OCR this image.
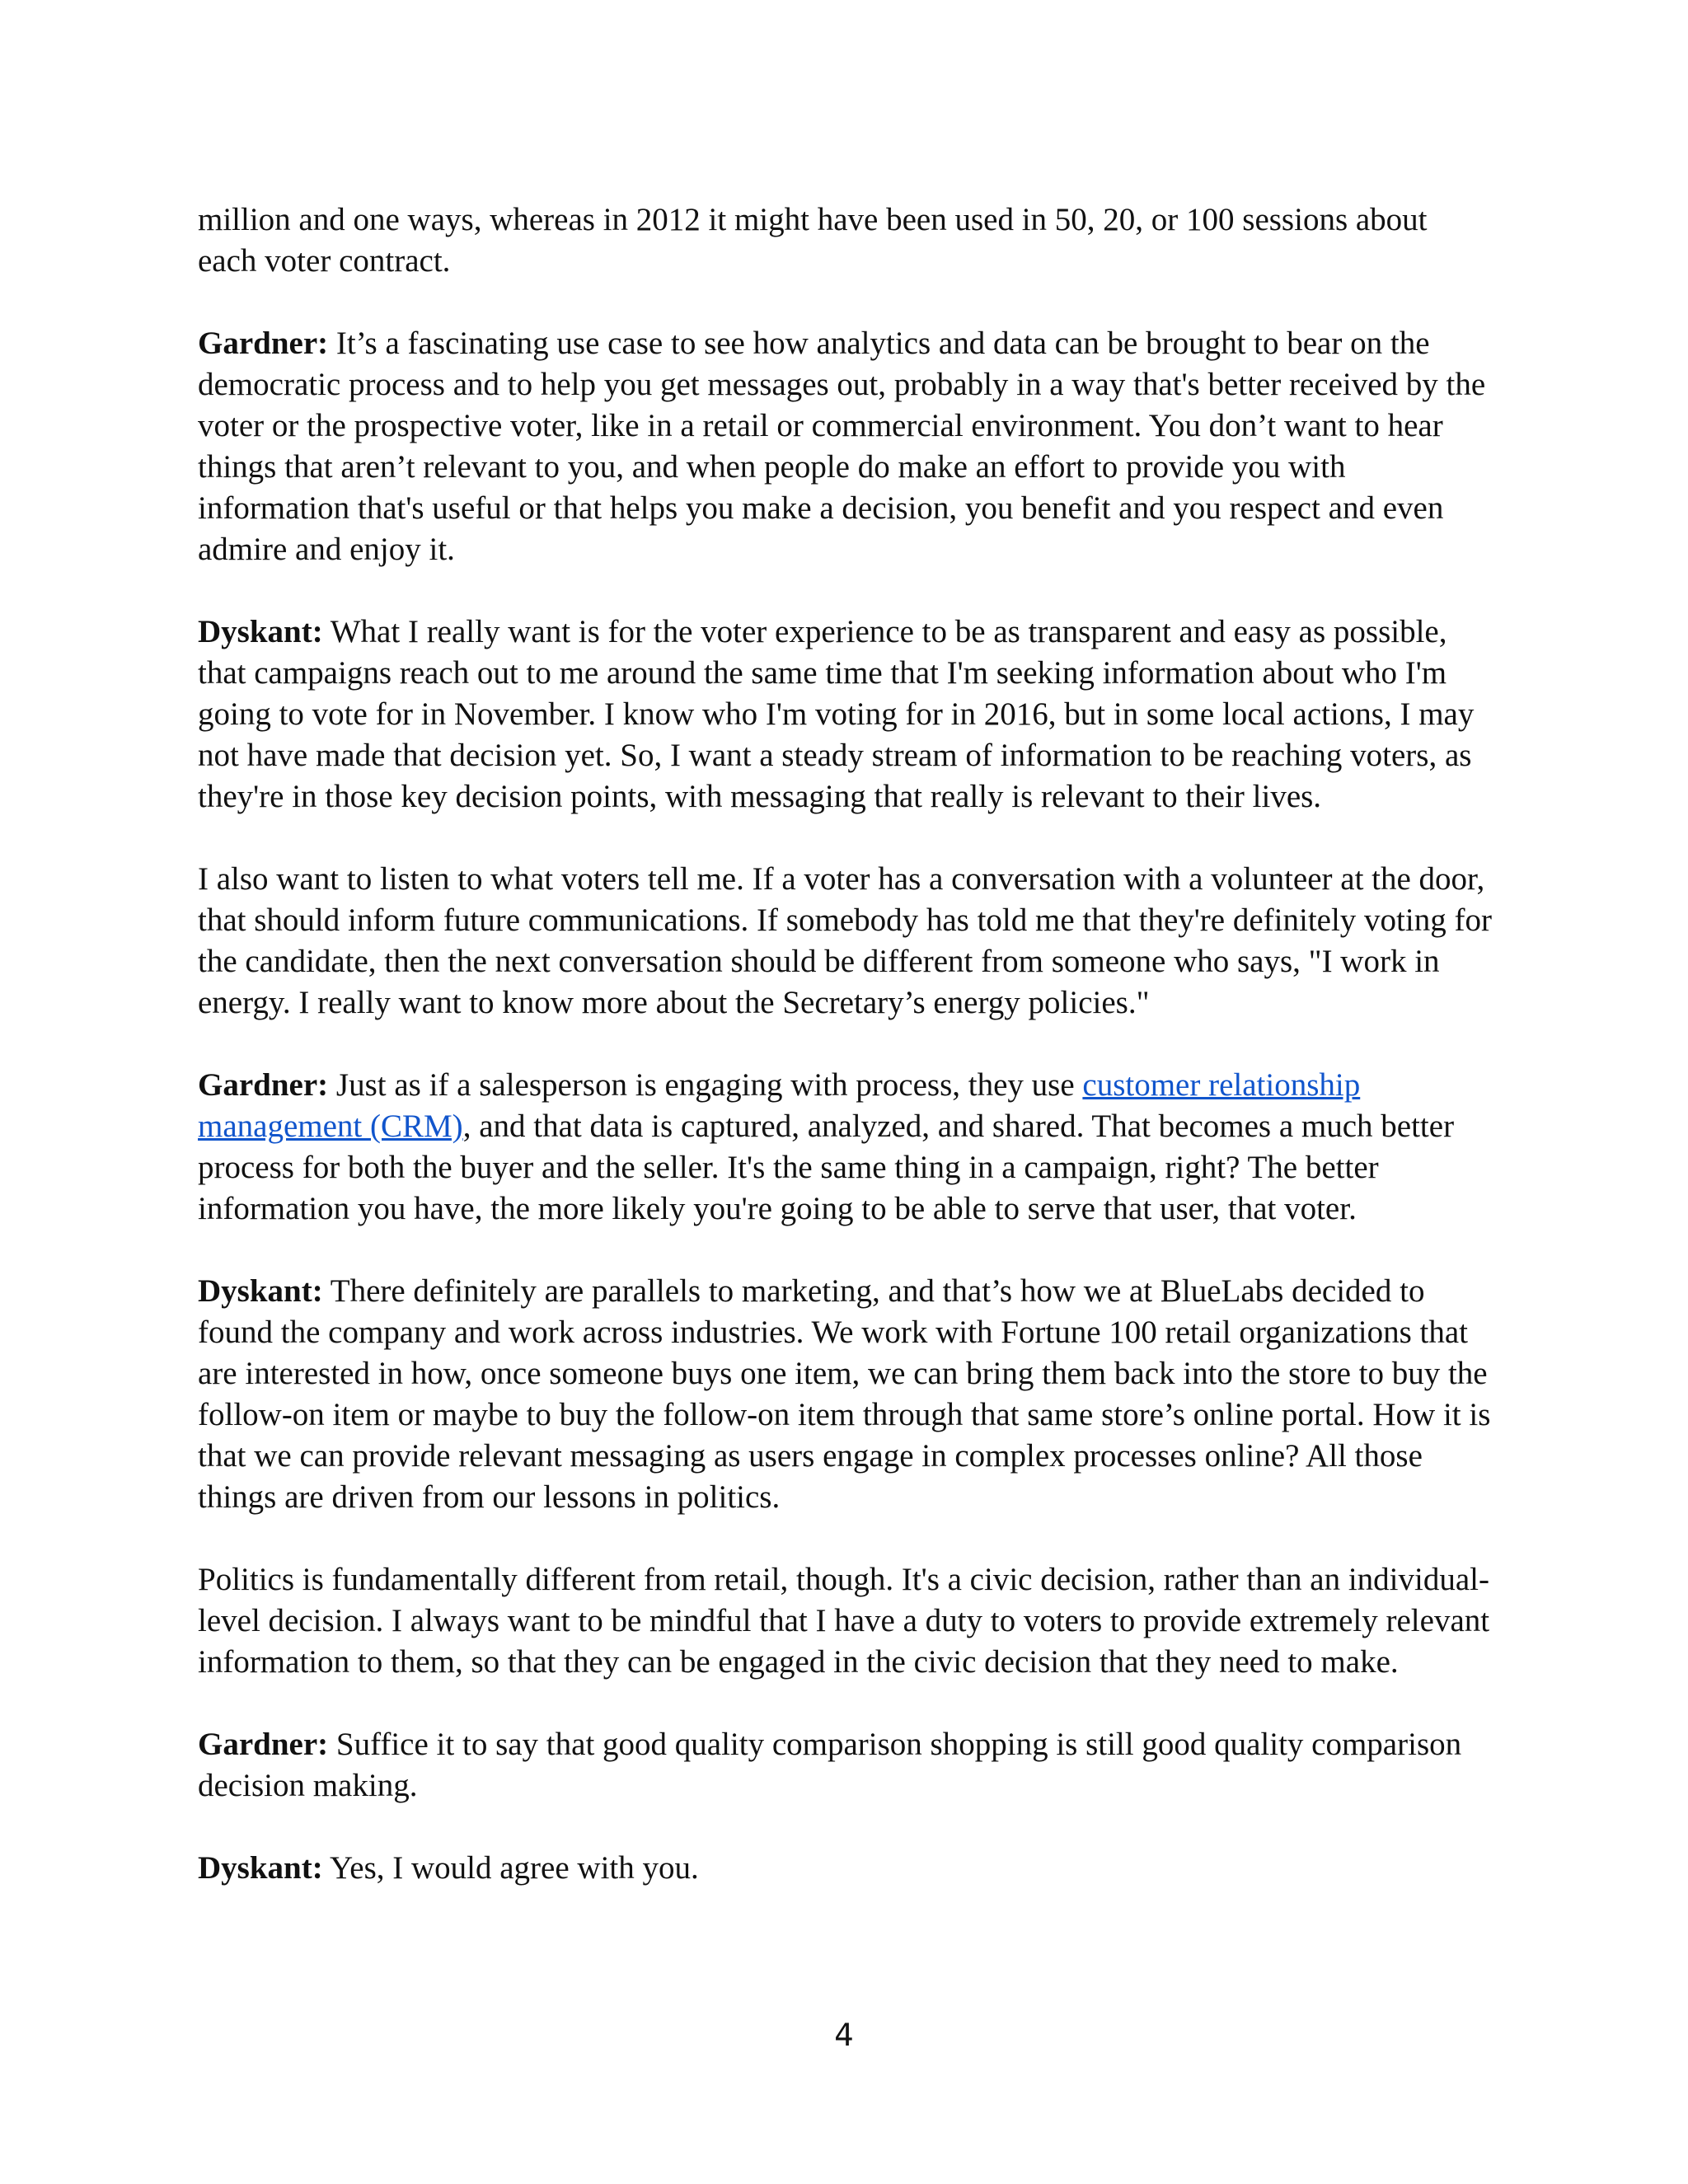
million and one ways, whereas in 2012 it might have been used in 50, 20, or 100 sessions about each voter contract.

Gardner: It’s a fascinating use case to see how analytics and data can be brought to bear on the democratic process and to help you get messages out, probably in a way that's better received by the voter or the prospective voter, like in a retail or commercial environment. You don’t want to hear things that aren’t relevant to you, and when people do make an effort to provide you with information that's useful or that helps you make a decision, you benefit and you respect and even admire and enjoy it.

Dyskant: What I really want is for the voter experience to be as transparent and easy as possible, that campaigns reach out to me around the same time that I'm seeking information about who I'm going to vote for in November. I know who I'm voting for in 2016, but in some local actions, I may not have made that decision yet. So, I want a steady stream of information to be reaching voters, as they're in those key decision points, with messaging that really is relevant to their lives.

I also want to listen to what voters tell me. If a voter has a conversation with a volunteer at the door, that should inform future communications. If somebody has told me that they're definitely voting for the candidate, then the next conversation should be different from someone who says, "I work in energy. I really want to know more about the Secretary’s energy policies."

Gardner: Just as if a salesperson is engaging with process, they use customer relationship management (CRM), and that data is captured, analyzed, and shared. That becomes a much better process for both the buyer and the seller. It's the same thing in a campaign, right? The better information you have, the more likely you're going to be able to serve that user, that voter.

Dyskant: There definitely are parallels to marketing, and that’s how we at BlueLabs decided to found the company and work across industries. We work with Fortune 100 retail organizations that are interested in how, once someone buys one item, we can bring them back into the store to buy the follow-on item or maybe to buy the follow-on item through that same store’s online portal. How it is that we can provide relevant messaging as users engage in complex processes online? All those things are driven from our lessons in politics.

Politics is fundamentally different from retail, though. It's a civic decision, rather than an individual-level decision. I always want to be mindful that I have a duty to voters to provide extremely relevant information to them, so that they can be engaged in the civic decision that they need to make.

Gardner: Suffice it to say that good quality comparison shopping is still good quality comparison decision making.

Dyskant: Yes, I would agree with you.

4
